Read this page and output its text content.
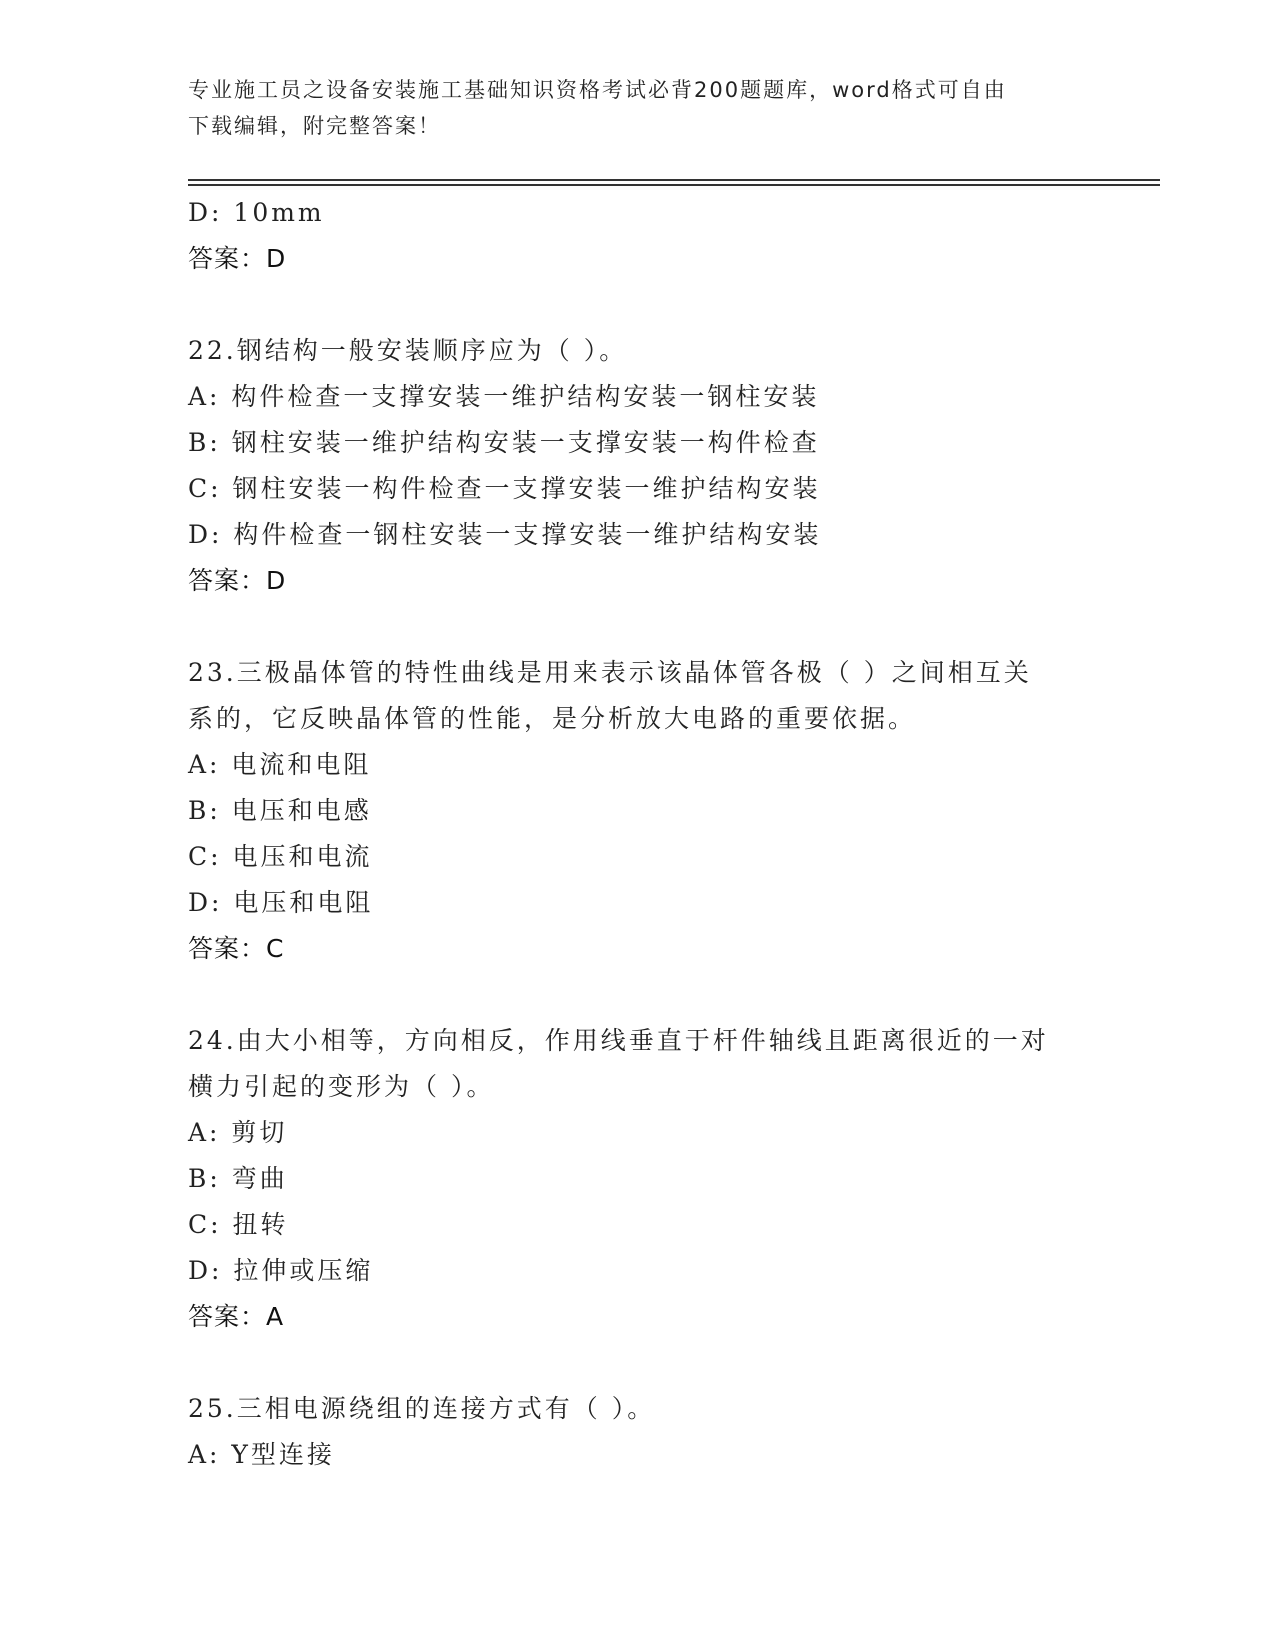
专业施工员之设备安装施工基础知识资格考试必背200题题库，word格式可自由
下载编辑，附完整答案！
D: 10mm
答案：D
22.钢结构一般安装顺序应为（ ）。
A: 构件检查一支撑安装一维护结构安装一钢柱安装
B: 钢柱安装一维护结构安装一支撑安装一构件检查
C: 钢柱安装一构件检查一支撑安装一维护结构安装
D: 构件检查一钢柱安装一支撑安装一维护结构安装
答案：D
23.三极晶体管的特性曲线是用来表示该晶体管各极（ ）之间相互关
系的，它反映晶体管的性能，是分析放大电路的重要依据。
A: 电流和电阻
B: 电压和电感
C: 电压和电流
D: 电压和电阻
答案：C
24.由大小相等，方向相反，作用线垂直于杆件轴线且距离很近的一对
横力引起的变形为（ ）。
A: 剪切
B: 弯曲
C: 扭转
D: 拉伸或压缩
答案：A
25.三相电源绕组的连接方式有（ ）。
A: Y型连接
